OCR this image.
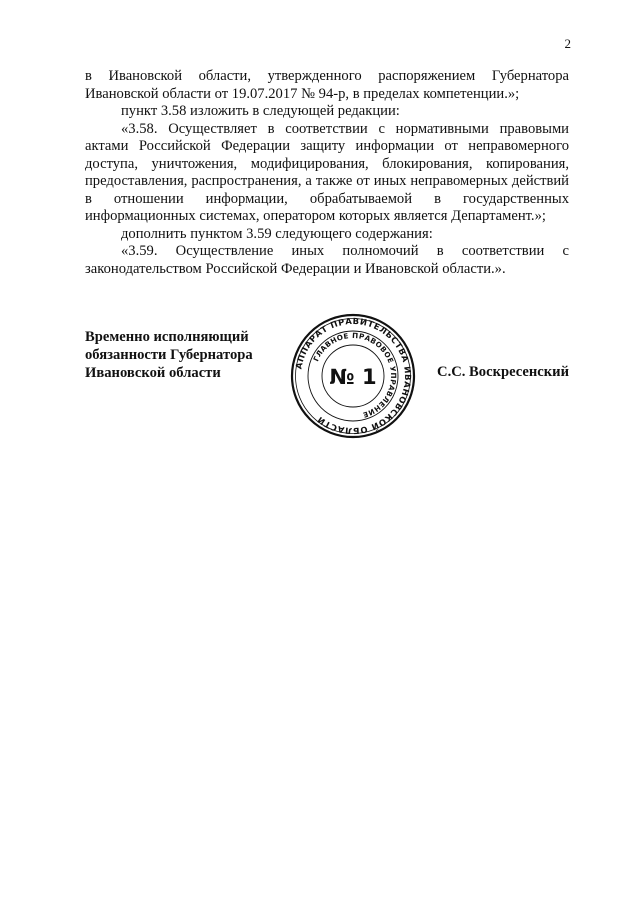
2

в Ивановской области, утвержденного распоряжением Губернатора Ивановской области от 19.07.2017 № 94-р, в пределах компетенции.»;

пункт 3.58 изложить в следующей редакции:

«3.58. Осуществляет в соответствии с нормативными правовыми актами Российской Федерации защиту информации от неправомерного доступа, уничтожения, модифицирования, блокирования, копирования, предоставления, распространения, а также от иных неправомерных действий в отношении информации, обрабатываемой в государственных информационных системах, оператором которых является Департамент.»;

дополнить пунктом 3.59 следующего содержания:

«3.59. Осуществление иных полномочий в соответствии с законодательством Российской Федерации и Ивановской области.».

Временно исполняющий
обязанности Губернатора
Ивановской области	АППАРАТ ПРАВИТЕЛЬСТВА ИВАНОВСКОЙ ОБЛАСТИ
ГЛАВНОЕ ПРАВОВОЕ УПРАВЛЕНИЕ
№ 1	С.С. Воскресенский
